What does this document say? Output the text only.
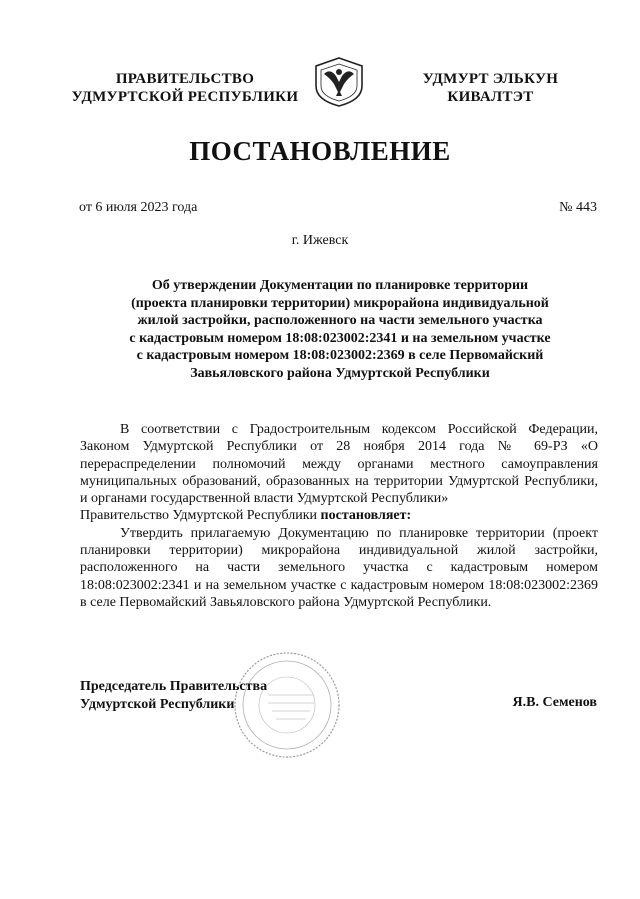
ПРАВИТЕЛЬСТВО
УДМУРТСКОЙ РЕСПУБЛИКИ
УДМУРТ ЭЛЬКУН
КИВАЛТЭТ
ПОСТАНОВЛЕНИЕ
от 6 июля 2023 года	№ 443
г. Ижевск
Об утверждении Документации по планировке территории
(проекта планировки территории) микрорайона индивидуальной
жилой застройки, расположенного на части земельного участка
с кадастровым номером 18:08:023002:2341 и на земельном участке
с кадастровым номером 18:08:023002:2369 в селе Первомайский
Завьяловского района Удмуртской Республики

В соответствии с Градостроительным кодексом Российской Федерации, Законом Удмуртской Республики от 28 ноября 2014 года № 69-РЗ «О перераспределении полномочий между органами местного самоуправления муниципальных образований, образованных на территории Удмуртской Республики, и органами государственной власти Удмуртской Республики»

Правительство Удмуртской Республики постановляет:

Утвердить прилагаемую Документацию по планировке территории (проект планировки территории) микрорайона индивидуальной жилой застройки, расположенного на части земельного участка с кадастровым номером 18:08:023002:2341 и на земельном участке с кадастровым номером 18:08:023002:2369 в селе Первомайский Завьяловского района Удмуртской Республики.

Председатель Правительства
Удмуртской Республики	Я.В. Семенов
